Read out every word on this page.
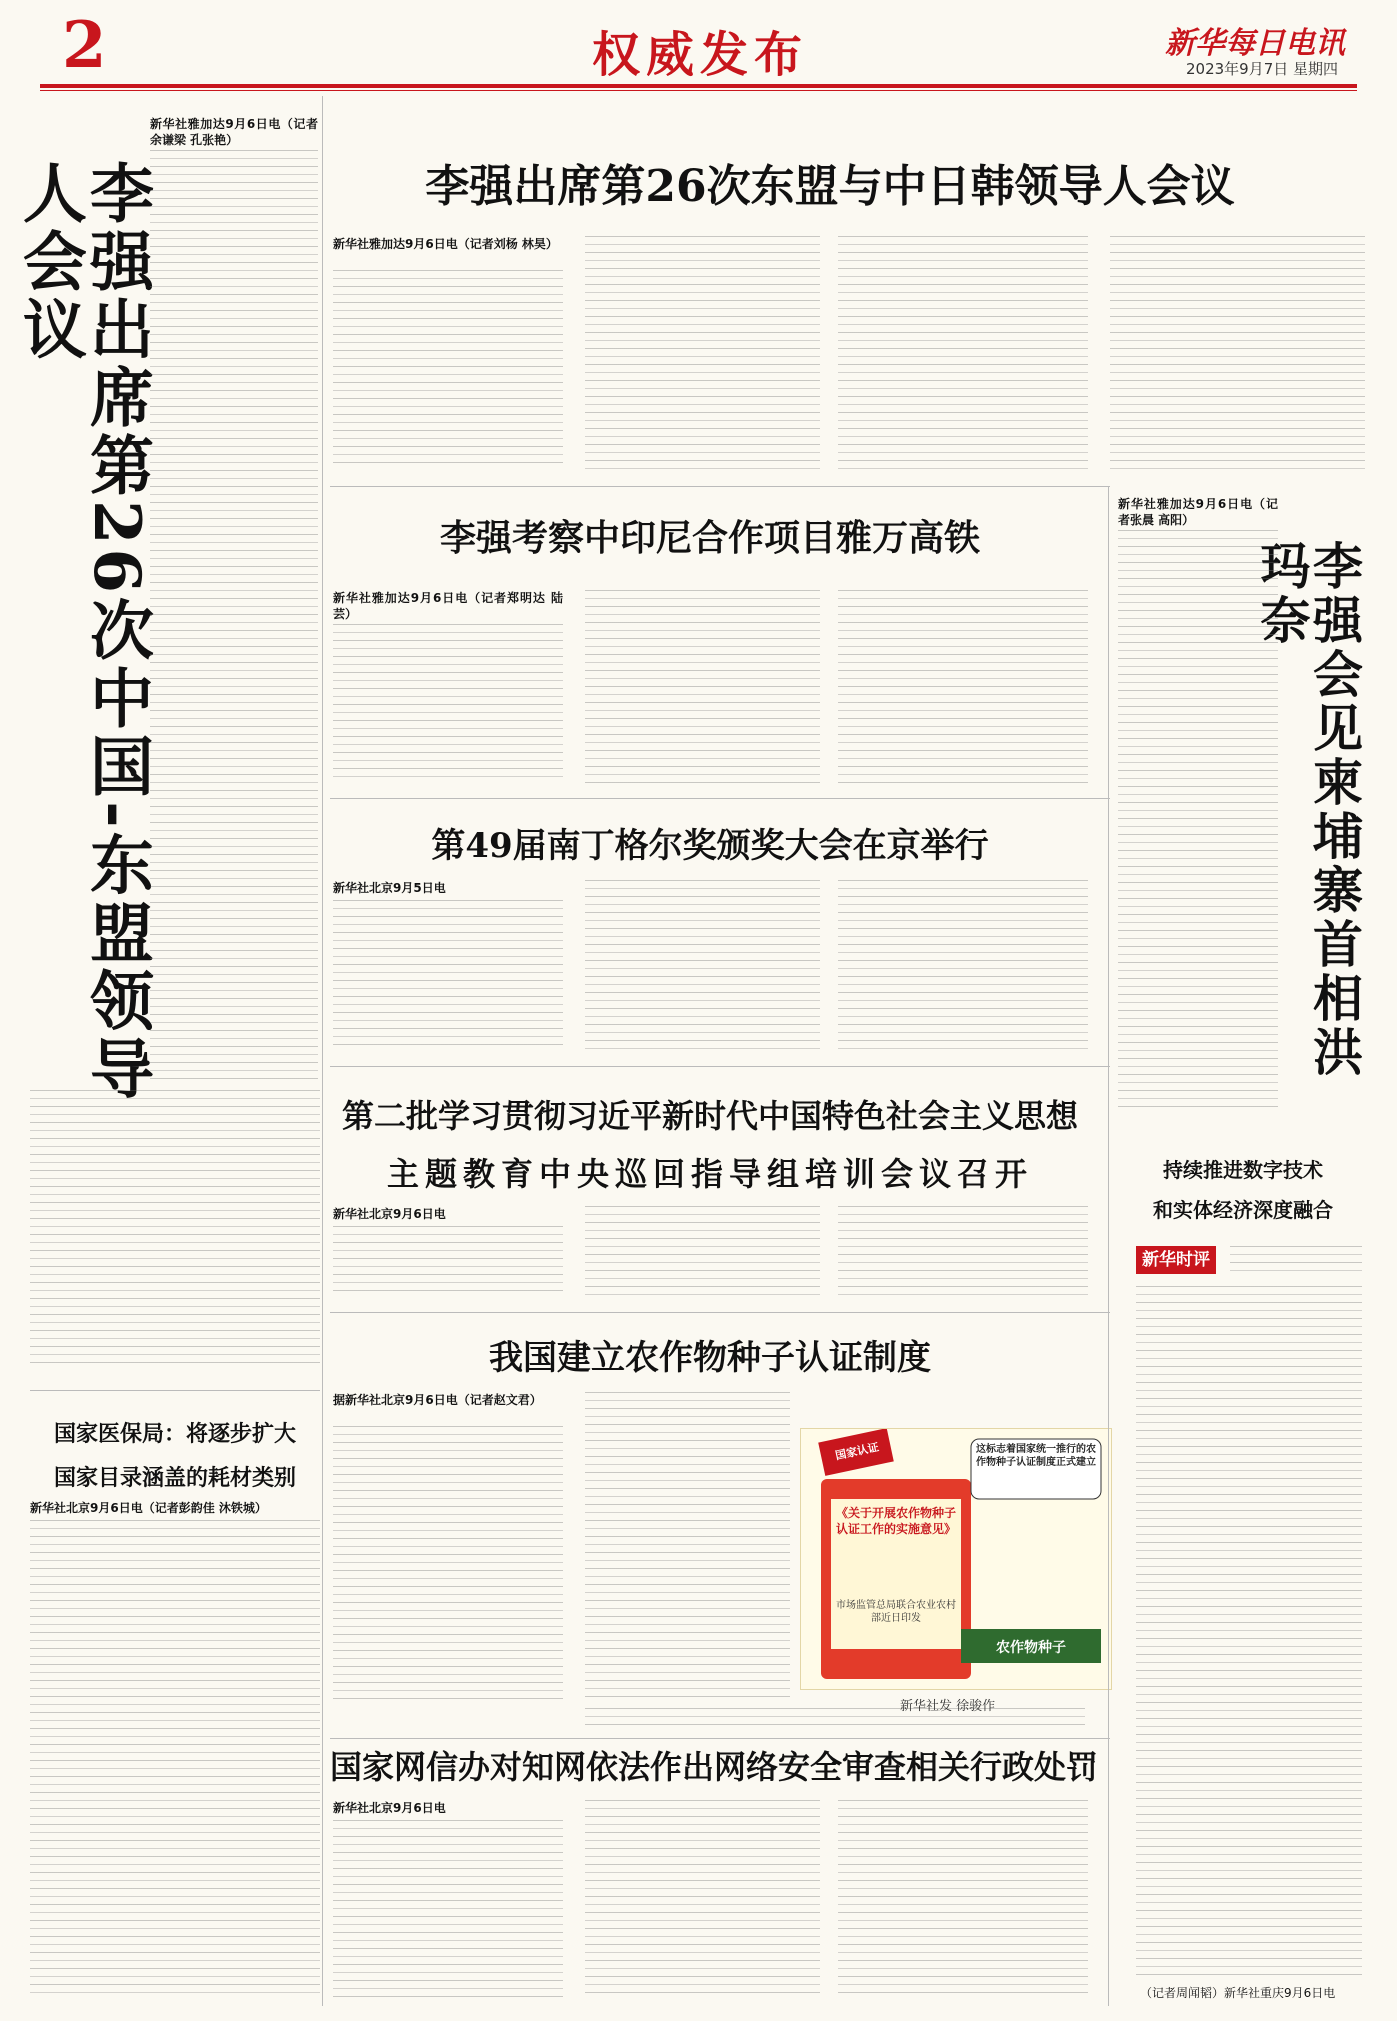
2	权威发布	新华每日电讯
2023年9月7日 星期四
李强出席第26次中国-东盟领导人会议
新华社雅加达9月6日电（记者余谦梁 孔张艳）
李强出席第26次东盟与中日韩领导人会议
新华社雅加达9月6日电（记者刘杨 林昊）
李强考察中印尼合作项目雅万高铁
新华社雅加达9月6日电（记者郑明达 陆芸）	李强会见柬埔寨首相洪玛奈
新华社雅加达9月6日电（记者张晨 高阳）
第49届南丁格尔奖颁奖大会在京举行
新华社北京9月5日电
第二批学习贯彻习近平新时代中国特色社会主义思想
主题教育中央巡回指导组培训会议召开
新华社北京9月6日电
持续推进数字技术
和实体经济深度融合
新华时评
（记者周闻韬）新华社重庆9月6日电
我国建立农作物种子认证制度
据新华社北京9月6日电（记者赵文君）
这标志着国家统一推行的农作物种子认证制度正式建立
《关于开展农作物种子认证工作的实施意见》
市场监管总局联合农业农村部近日印发
农作物种子
国家认证
新华社发 徐骏作
国家网信办对知网依法作出网络安全审查相关行政处罚
新华社北京9月6日电
国家医保局：将逐步扩大
国家目录涵盖的耗材类别
新华社北京9月6日电（记者彭韵佳 沐铁城）
